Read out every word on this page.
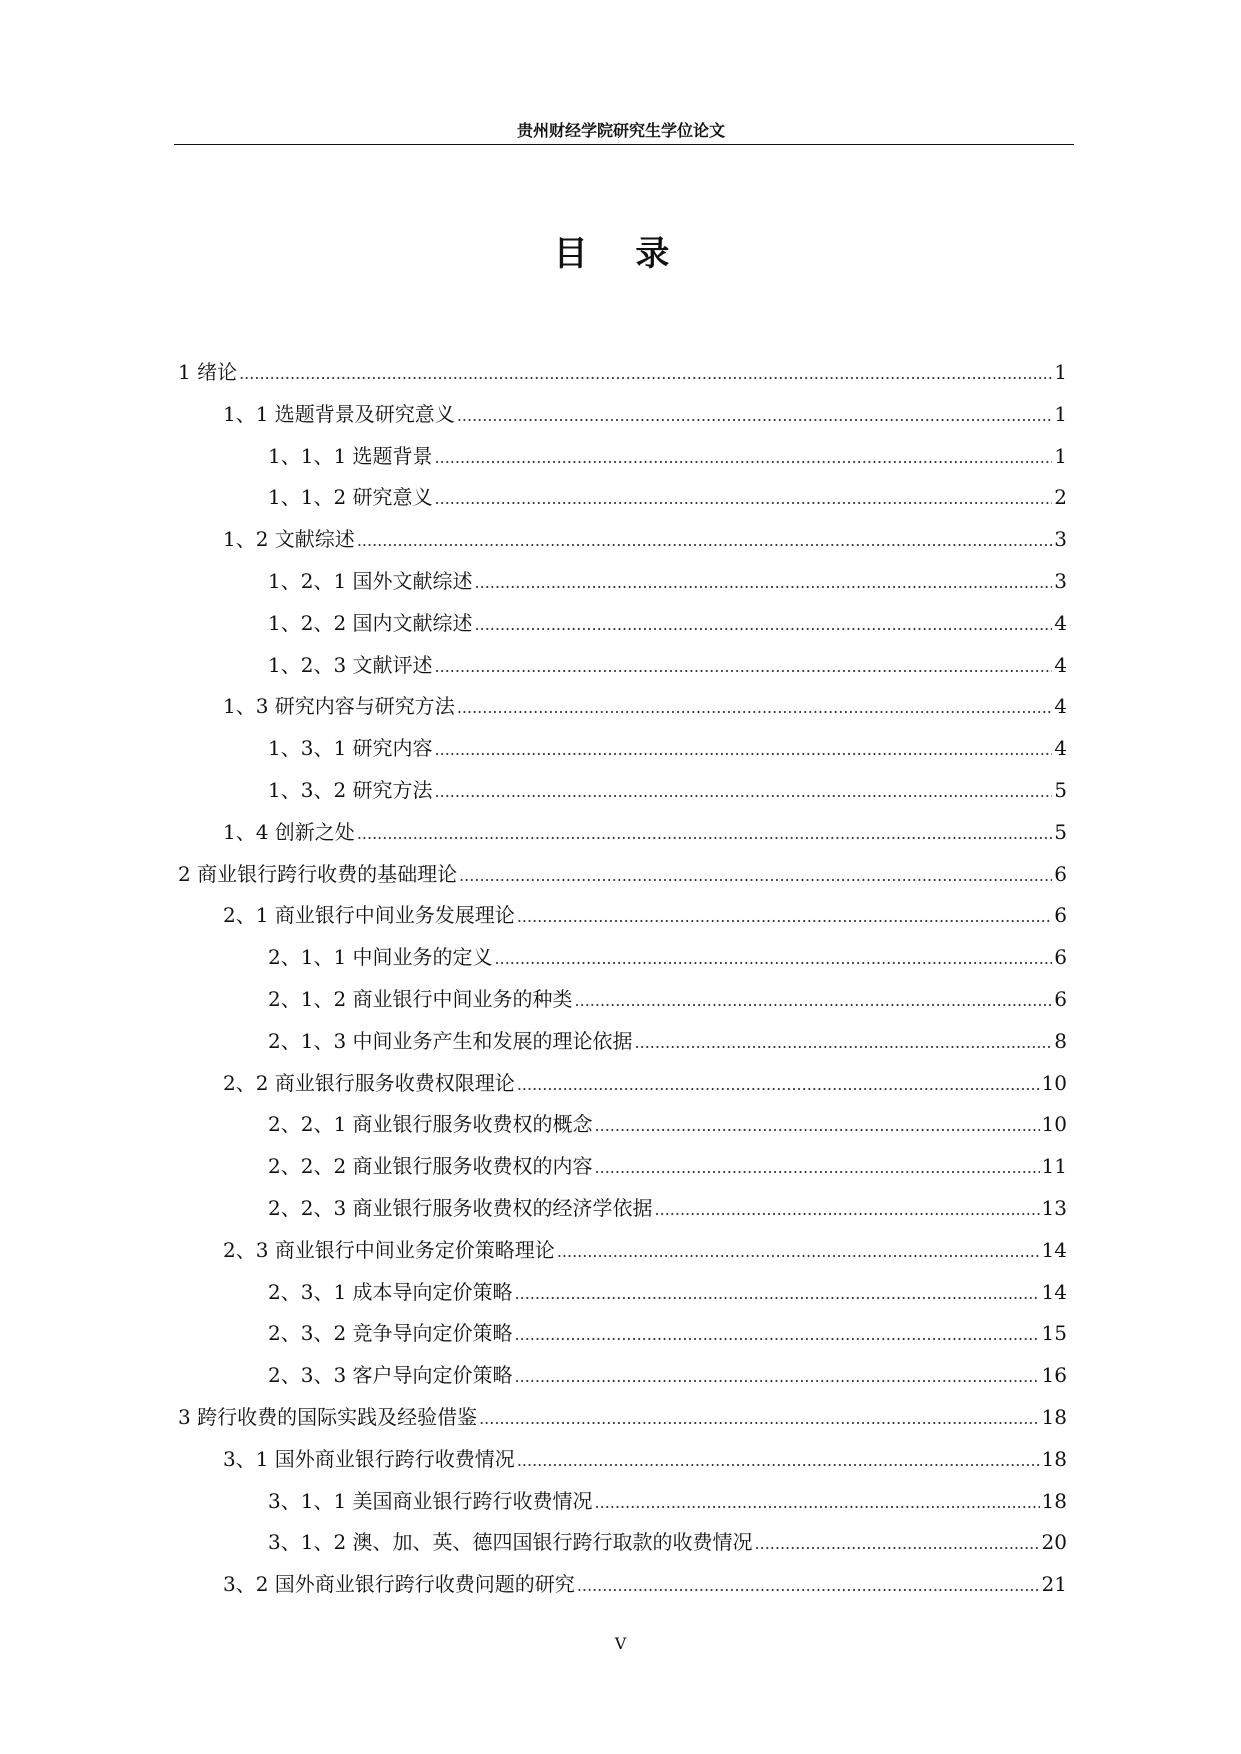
贵州财经学院研究生学位论文
目 录
1 绪论 .....	1
1、1 选题背景及研究意义 .....	1
1、1、1 选题背景 .....	1
1、1、2 研究意义 .....	2
1、2 文献综述 .....	3
1、2、1 国外文献综述 .....	3
1、2、2 国内文献综述 .....	4
1、2、3 文献评述 .....	4
1、3 研究内容与研究方法 .....	4
1、3、1 研究内容 .....	4
1、3、2 研究方法 .....	5
1、4 创新之处 .....	5
2 商业银行跨行收费的基础理论 .....	6
2、1 商业银行中间业务发展理论 .....	6
2、1、1 中间业务的定义 .....	6
2、1、2 商业银行中间业务的种类 .....	6
2、1、3 中间业务产生和发展的理论依据 .....	8
2、2 商业银行服务收费权限理论 .....	10
2、2、1 商业银行服务收费权的概念 .....	10
2、2、2 商业银行服务收费权的内容 .....	11
2、2、3 商业银行服务收费权的经济学依据 .....	13
2、3 商业银行中间业务定价策略理论 .....	14
2、3、1 成本导向定价策略 .....	14
2、3、2 竞争导向定价策略 .....	15
2、3、3 客户导向定价策略 .....	16
3 跨行收费的国际实践及经验借鉴 .....	18
3、1 国外商业银行跨行收费情况 .....	18
3、1、1 美国商业银行跨行收费情况 .....	18
3、1、2 澳、加、英、德四国银行跨行取款的收费情况 .....	20
3、2 国外商业银行跨行收费问题的研究 .....	21
V
